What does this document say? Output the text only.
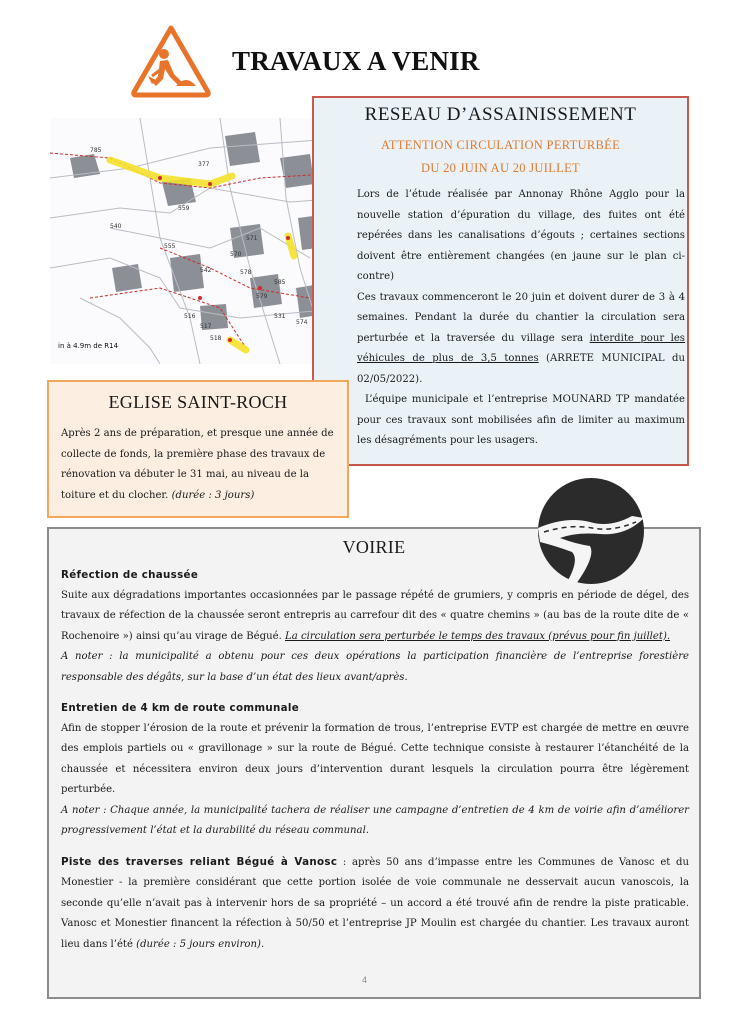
TRAVAUX A VENIR
785
559
540
377
571
570
578
579
585
542
517
518
516
555
574
531
in à 4.9m de R14
RESEAU D’ASSAINISSEMENT
ATTENTION CIRCULATION PERTURBÉE
DU 20 JUIN AU 20 JUILLET

Lors de l’étude réalisée par Annonay Rhône Agglo pour la nouvelle station d’épuration du village, des fuites ont été repérées dans les canalisations d’égouts ; certaines sections doivent être entièrement changées (en jaune sur le plan ci-contre)

Ces travaux commenceront le 20 juin et doivent durer de 3 à 4 semaines. Pendant la durée du chantier la circulation sera perturbée et la traversée du village sera interdite pour les véhicules de plus de 3,5 tonnes (ARRETE MUNICIPAL du 02/05/2022).

L’équipe municipale et l’entreprise MOUNARD TP mandatée pour ces travaux sont mobilisées afin de limiter au maximum les désagréments pour les usagers.

EGLISE SAINT-ROCH
Après 2 ans de préparation, et presque une année de collecte de fonds, la première phase des travaux de rénovation va débuter le 31 mai, au niveau de la toiture et du clocher. (durée : 3 jours)
VOIRIE

Réfection de chaussée

Suite aux dégradations importantes occasionnées par le passage répété de grumiers, y compris en période de dégel, des travaux de réfection de la chaussée seront entrepris au carrefour dit des « quatre chemins » (au bas de la route dite de « Rochenoire ») ainsi qu’au virage de Bégué. La circulation sera perturbée le temps des travaux (prévus pour fin juillet).

A noter : la municipalité a obtenu pour ces deux opérations la participation financière de l’entreprise forestière responsable des dégâts, sur la base d’un état des lieux avant/après.

Entretien de 4 km de route communale

Afin de stopper l’érosion de la route et prévenir la formation de trous, l’entreprise EVTP est chargée de mettre en œuvre des emplois partiels ou « gravillonage » sur la route de Bégué. Cette technique consiste à restaurer l’étanchéité de la chaussée et nécessitera environ deux jours d’intervention durant lesquels la circulation pourra être légèrement perturbée.

A noter : Chaque année, la municipalité tachera de réaliser une campagne d’entretien de 4 km de voirie afin d’améliorer progressivement l’état et la durabilité du réseau communal.

Piste des traverses reliant Bégué à Vanosc : après 50 ans d’impasse entre les Communes de Vanosc et du Monestier - la première considérant que cette portion isolée de voie communale ne desservait aucun vanoscois, la seconde qu’elle n’avait pas à intervenir hors de sa propriété – un accord a été trouvé afin de rendre la piste praticable. Vanosc et Monestier financent la réfection à 50/50 et l’entreprise JP Moulin est chargée du chantier. Les travaux auront lieu dans l’été (durée : 5 jours environ).

4
